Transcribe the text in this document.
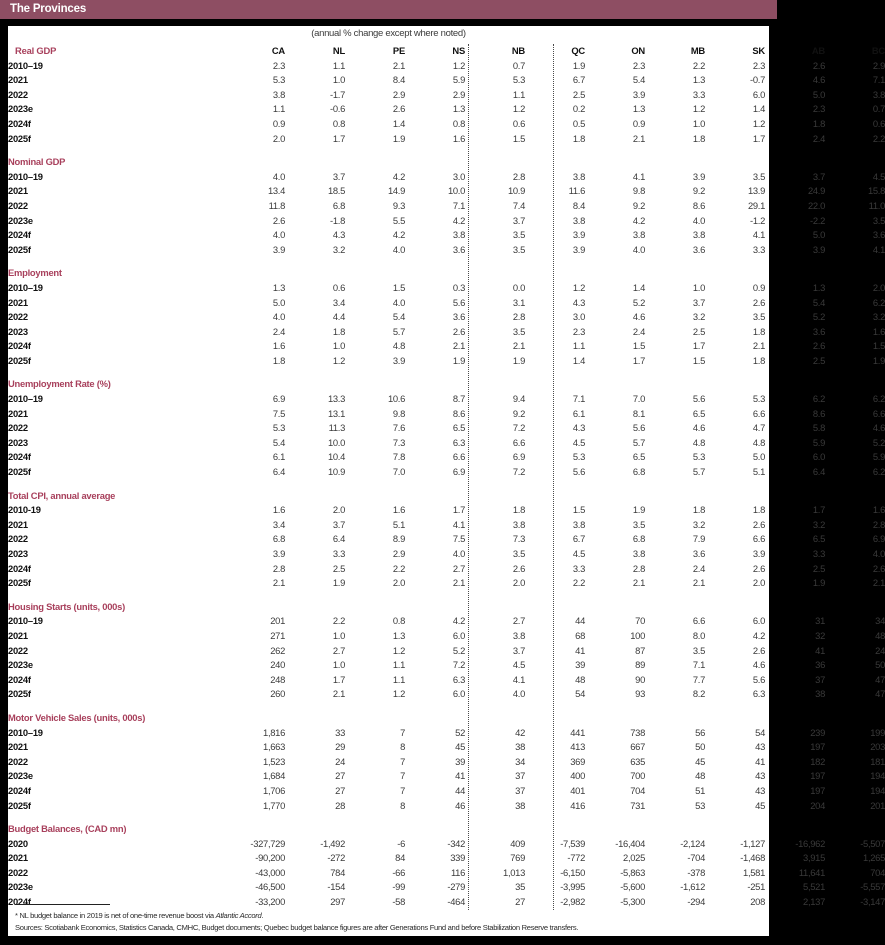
The Provinces
(annual % change except where noted)
Real GDP		CA	NL	PE	NS	NB	QC	ON	MB	SK	AB	BC
2010–19		2.3	1.1	2.1	1.2	0.7	1.9	2.3	2.2	2.3	2.6	2.9
2021		5.3	1.0	8.4	5.9	5.3	6.7	5.4	1.3	-0.7	4.6	7.1
2022		3.8	-1.7	2.9	2.9	1.1	2.5	3.9	3.3	6.0	5.0	3.8
2023e		1.1	-0.6	2.6	1.3	1.2	0.2	1.3	1.2	1.4	2.3	0.7
2024f		0.9	0.8	1.4	0.8	0.6	0.5	0.9	1.0	1.2	1.8	0.6
2025f		2.0	1.7	1.9	1.6	1.5	1.8	2.1	1.8	1.7	2.4	2.2

Nominal GDP												
2010–19		4.0	3.7	4.2	3.0	2.8	3.8	4.1	3.9	3.5	3.7	4.5
2021		13.4	18.5	14.9	10.0	10.9	11.6	9.8	9.2	13.9	24.9	15.8
2022		11.8	6.8	9.3	7.1	7.4	8.4	9.2	8.6	29.1	22.0	11.0
2023e		2.6	-1.8	5.5	4.2	3.7	3.8	4.2	4.0	-1.2	-2.2	3.5
2024f		4.0	4.3	4.2	3.8	3.5	3.9	3.8	3.8	4.1	5.0	3.6
2025f		3.9	3.2	4.0	3.6	3.5	3.9	4.0	3.6	3.3	3.9	4.1

Employment												
2010–19		1.3	0.6	1.5	0.3	0.0	1.2	1.4	1.0	0.9	1.3	2.0
2021		5.0	3.4	4.0	5.6	3.1	4.3	5.2	3.7	2.6	5.4	6.2
2022		4.0	4.4	5.4	3.6	2.8	3.0	4.6	3.2	3.5	5.2	3.2
2023		2.4	1.8	5.7	2.6	3.5	2.3	2.4	2.5	1.8	3.6	1.6
2024f		1.6	1.0	4.8	2.1	2.1	1.1	1.5	1.7	2.1	2.6	1.5
2025f		1.8	1.2	3.9	1.9	1.9	1.4	1.7	1.5	1.8	2.5	1.9

Unemployment Rate (%)												
2010–19		6.9	13.3	10.6	8.7	9.4	7.1	7.0	5.6	5.3	6.2	6.2
2021		7.5	13.1	9.8	8.6	9.2	6.1	8.1	6.5	6.6	8.6	6.6
2022		5.3	11.3	7.6	6.5	7.2	4.3	5.6	4.6	4.7	5.8	4.6
2023		5.4	10.0	7.3	6.3	6.6	4.5	5.7	4.8	4.8	5.9	5.2
2024f		6.1	10.4	7.8	6.6	6.9	5.3	6.5	5.3	5.0	6.0	5.9
2025f		6.4	10.9	7.0	6.9	7.2	5.6	6.8	5.7	5.1	6.4	6.2

Total CPI, annual average												
2010-19		1.6	2.0	1.6	1.7	1.8	1.5	1.9	1.8	1.8	1.7	1.6
2021		3.4	3.7	5.1	4.1	3.8	3.8	3.5	3.2	2.6	3.2	2.8
2022		6.8	6.4	8.9	7.5	7.3	6.7	6.8	7.9	6.6	6.5	6.9
2023		3.9	3.3	2.9	4.0	3.5	4.5	3.8	3.6	3.9	3.3	4.0
2024f		2.8	2.5	2.2	2.7	2.6	3.3	2.8	2.4	2.6	2.5	2.6
2025f		2.1	1.9	2.0	2.1	2.0	2.2	2.1	2.1	2.0	1.9	2.1

Housing Starts (units, 000s)												
2010–19		201	2.2	0.8	4.2	2.7	44	70	6.6	6.0	31	34
2021		271	1.0	1.3	6.0	3.8	68	100	8.0	4.2	32	48
2022		262	2.7	1.2	5.2	3.7	41	87	3.5	2.6	41	24
2023e		240	1.0	1.1	7.2	4.5	39	89	7.1	4.6	36	50
2024f		248	1.7	1.1	6.3	4.1	48	90	7.7	5.6	37	47
2025f		260	2.1	1.2	6.0	4.0	54	93	8.2	6.3	38	47

Motor Vehicle Sales (units, 000s)												
2010–19		1,816	33	7	52	42	441	738	56	54	239	199
2021		1,663	29	8	45	38	413	667	50	43	197	203
2022		1,523	24	7	39	34	369	635	45	41	182	181
2023e		1,684	27	7	41	37	400	700	48	43	197	194
2024f		1,706	27	7	44	37	401	704	51	43	197	194
2025f		1,770	28	8	46	38	416	731	53	45	204	201

Budget Balances, (CAD mn)												
2020		-327,729	-1,492	-6	-342	409	-7,539	-16,404	-2,124	-1,127	-16,962	-5,507
2021		-90,200	-272	84	339	769	-772	2,025	-704	-1,468	3,915	1,265
2022		-43,000	784	-66	116	1,013	-6,150	-5,863	-378	1,581	11,641	704
2023e		-46,500	-154	-99	-279	35	-3,995	-5,600	-1,612	-251	5,521	-5,557
2024f		-33,200	297	-58	-464	27	-2,982	-5,300	-294	208	2,137	-3,147
* NL budget balance in 2019 is net of one-time revenue boost via Atlantic Accord.
Sources: Scotiabank Economics, Statistics Canada, CMHC, Budget documents; Quebec budget balance figures are after Generations Fund and before Stabilization Reserve transfers.
